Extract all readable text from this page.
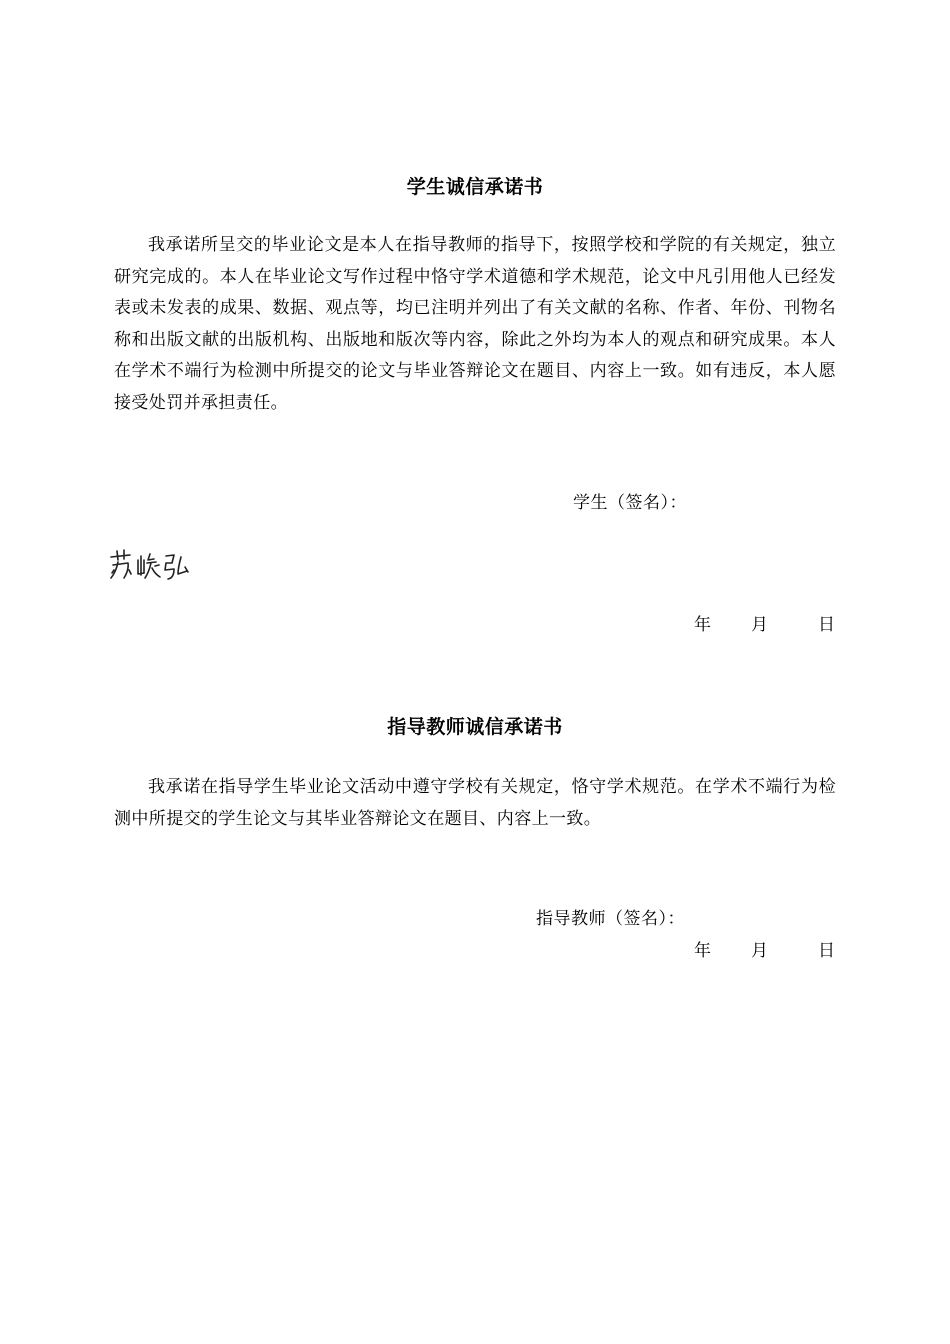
学生诚信承诺书
我承诺所呈交的毕业论文是本人在指导教师的指导下，按照学校和学院的有关规定，独立研究完成的。本人在毕业论文写作过程中恪守学术道德和学术规范，论文中凡引用他人已经发表或未发表的成果、数据、观点等，均已注明并列出了有关文献的名称、作者、年份、刊物名称和出版文献的出版机构、出版地和版次等内容，除此之外均为本人的观点和研究成果。本人在学术不端行为检测中所提交的论文与毕业答辩论文在题目、内容上一致。如有违反，本人愿接受处罚并承担责任。
学生（签名）：
年 月	日
指导教师诚信承诺书
我承诺在指导学生毕业论文活动中遵守学校有关规定，恪守学术规范。在学术不端行为检测中所提交的学生论文与其毕业答辩论文在题目、内容上一致。
指导教师（签名）：
年 月	日
